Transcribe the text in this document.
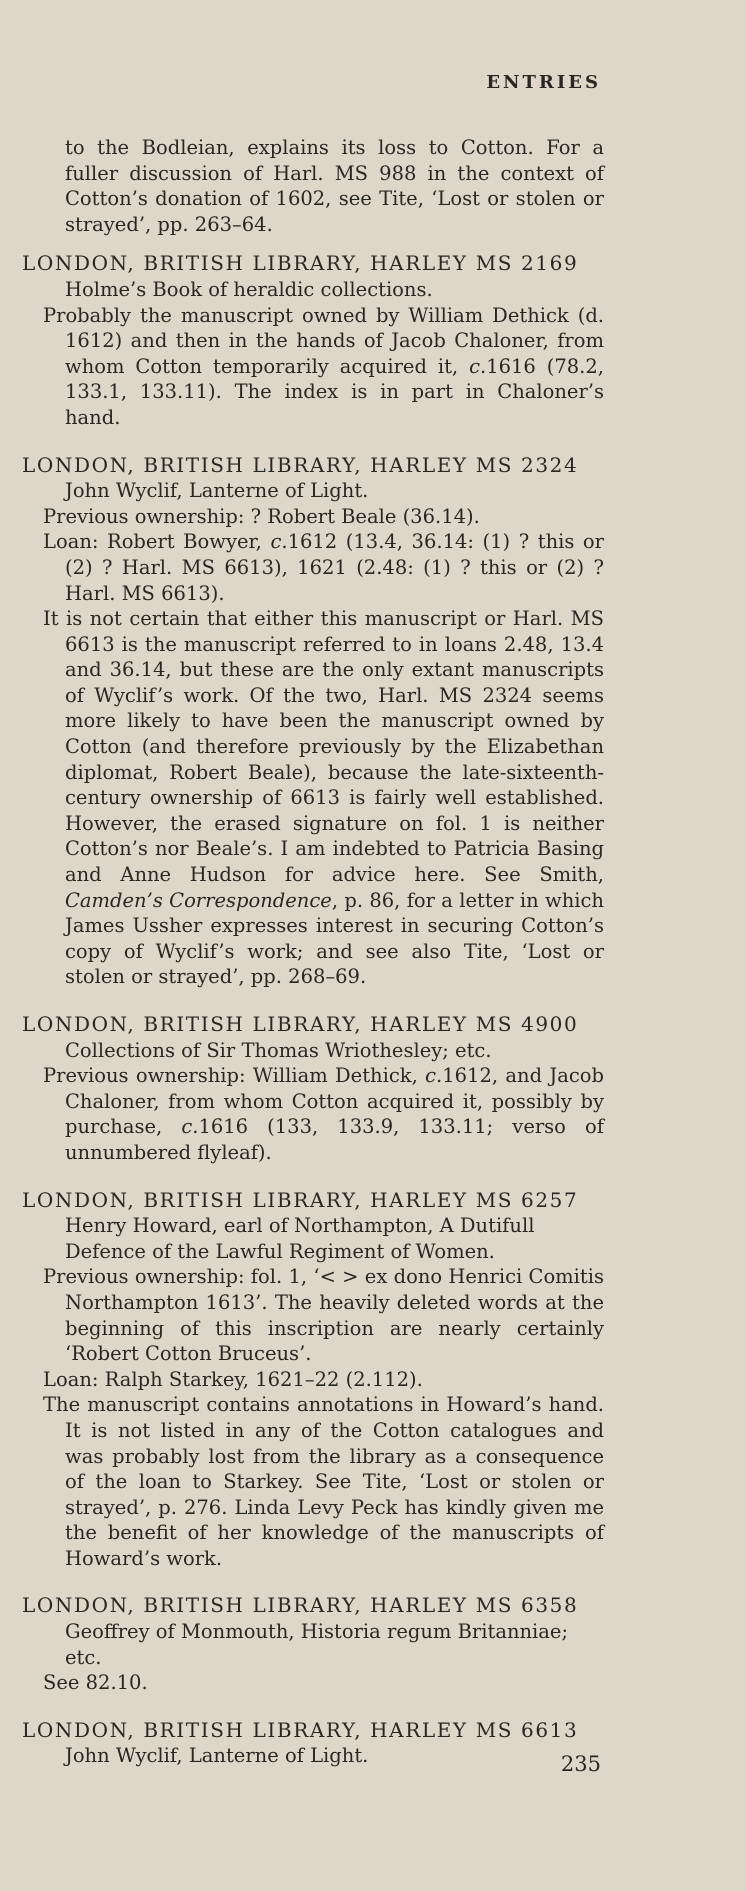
ENTRIES

to the Bodleian, explains its loss to Cotton. For a fuller discussion of Harl. MS 988 in the context of Cotton’s donation of 1602, see Tite, ‘Lost or stolen or strayed’, pp. 263–64.

LONDON, BRITISH LIBRARY, HARLEY MS 2169

Holme’s Book of heraldic collections.

Probably the manuscript owned by William Dethick (d. 1612) and then in the hands of Jacob Chaloner, from whom Cotton temporarily acquired it, c.1616 (78.2, 133.1, 133.11). The index is in part in Chaloner’s hand.

LONDON, BRITISH LIBRARY, HARLEY MS 2324

John Wyclif, Lanterne of Light.

Previous ownership: ? Robert Beale (36.14).

Loan: Robert Bowyer, c.1612 (13.4, 36.14: (1) ? this or (2) ? Harl. MS 6613), 1621 (2.48: (1) ? this or (2) ? Harl. MS 6613).

It is not certain that either this manuscript or Harl. MS 6613 is the manuscript referred to in loans 2.48, 13.4 and 36.14, but these are the only extant manuscripts of Wyclif’s work. Of the two, Harl. MS 2324 seems more likely to have been the manuscript owned by Cotton (and therefore previously by the Elizabethan diplomat, Robert Beale), because the late-sixteenth-century ownership of 6613 is fairly well established. However, the erased signature on fol. 1 is neither Cotton’s nor Beale’s. I am indebted to Patricia Basing and Anne Hudson for advice here. See Smith, Camden’s Correspondence, p. 86, for a letter in which James Ussher expresses interest in securing Cotton’s copy of Wyclif’s work; and see also Tite, ‘Lost or stolen or strayed’, pp. 268–69.

LONDON, BRITISH LIBRARY, HARLEY MS 4900

Collections of Sir Thomas Wriothesley; etc.

Previous ownership: William Dethick, c.1612, and Jacob Chaloner, from whom Cotton acquired it, possibly by purchase, c.1616 (133, 133.9, 133.11; verso of unnumbered flyleaf).

LONDON, BRITISH LIBRARY, HARLEY MS 6257

Henry Howard, earl of Northampton, A Dutifull Defence of the Lawful Regiment of Women.

Previous ownership: fol. 1, ‘< > ex dono Henrici Comitis Northampton 1613’. The heavily deleted words at the beginning of this inscription are nearly certainly ‘Robert Cotton Bruceus’.

Loan: Ralph Starkey, 1621–22 (2.112).

The manuscript contains annotations in Howard’s hand. It is not listed in any of the Cotton catalogues and was probably lost from the library as a consequence of the loan to Starkey. See Tite, ‘Lost or stolen or strayed’, p. 276. Linda Levy Peck has kindly given me the benefit of her knowledge of the manuscripts of Howard’s work.

LONDON, BRITISH LIBRARY, HARLEY MS 6358

Geoffrey of Monmouth, Historia regum Britanniae; etc.

See 82.10.

LONDON, BRITISH LIBRARY, HARLEY MS 6613

John Wyclif, Lanterne of Light.	235
